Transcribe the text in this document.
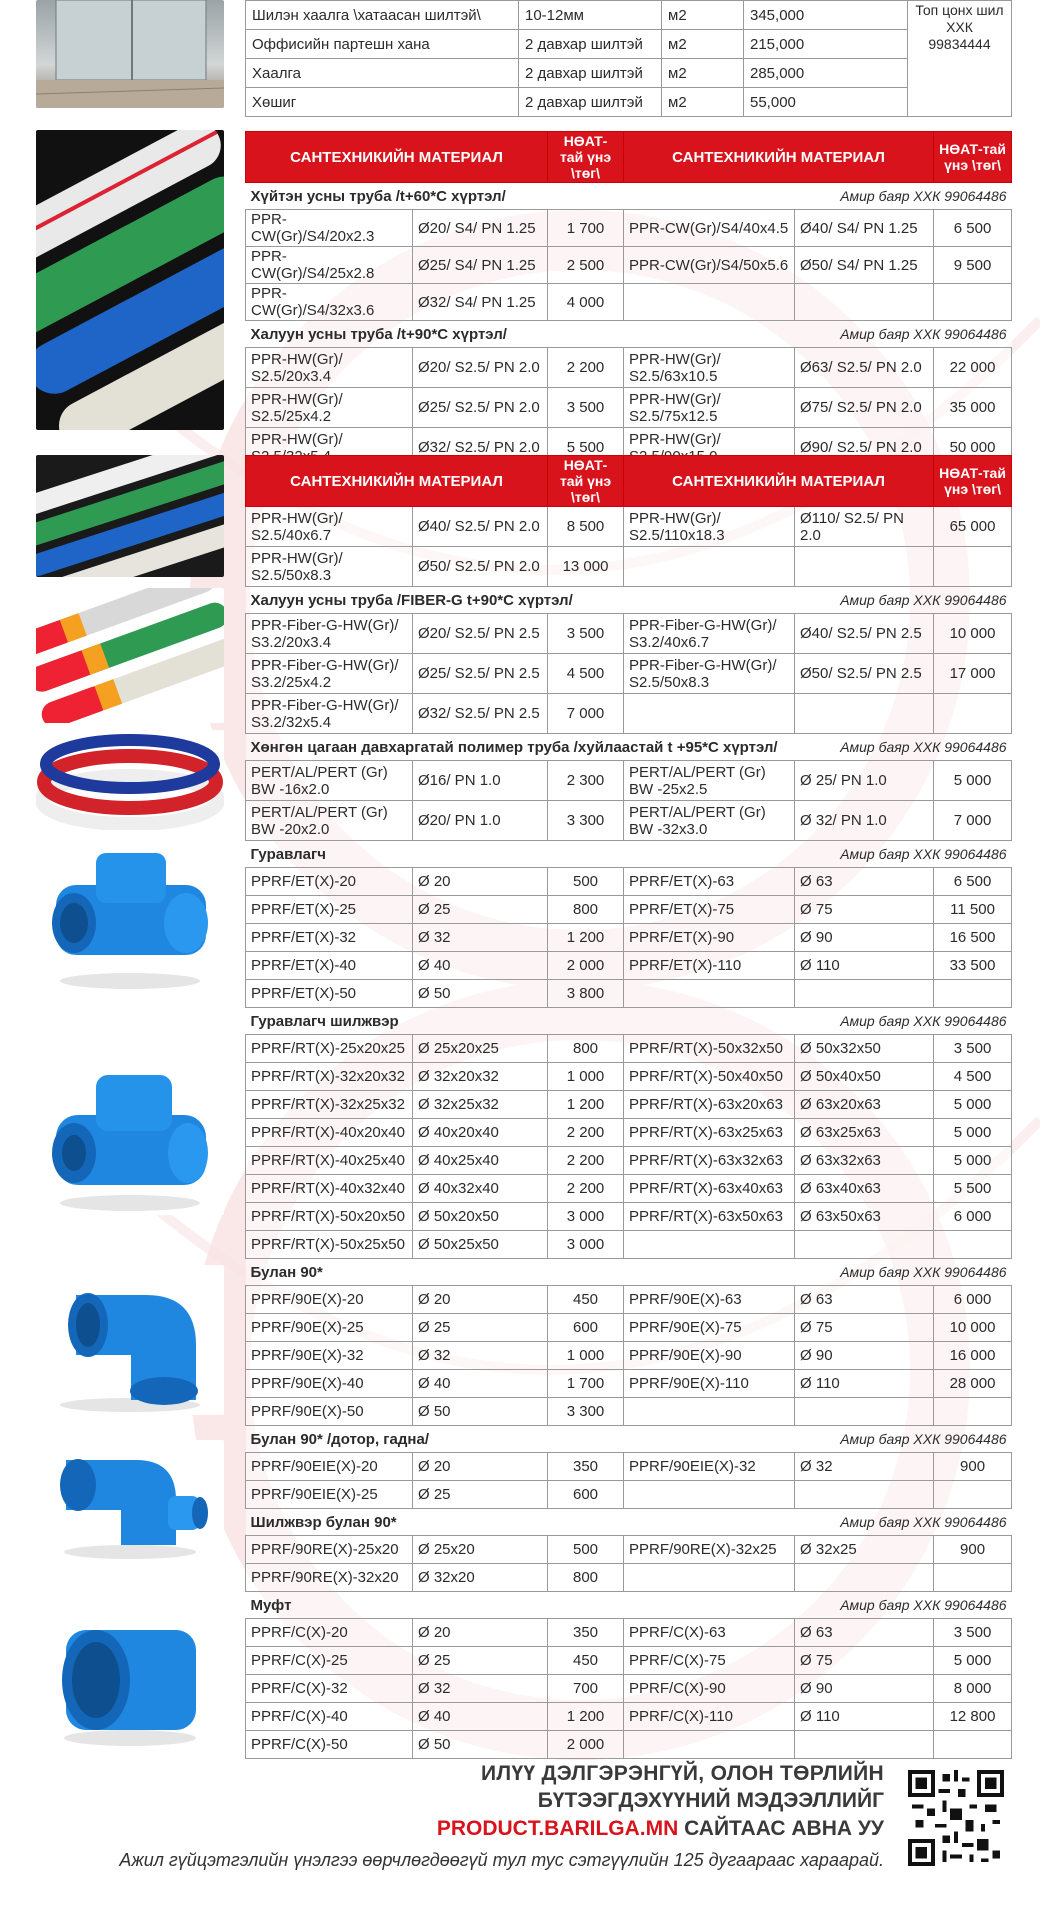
Шилэн хаалга \хатаасан шилтэй\	10-12мм	м2	345,000	Топ цонх шил ХХК 99834444
Оффисийн партешн хана	2 давхар шилтэй	м2	215,000	
Хаалга	2 давхар шилтэй	м2	285,000	
Хөшиг	2 давхар шилтэй	м2	55,000	
САНТЕХНИКИЙН МАТЕРИАЛ		НӨАТ-тай үнэ \төг\	САНТЕХНИКИЙН МАТЕРИАЛ		НӨАТ-тай үнэ \төг\

Амир баяр ХХК 99064486
Хүйтэн усны труба /t+60*С хүртэл/					
PPR-CW(Gr)/S4/20x2.3	Ø20/ S4/ PN 1.25	1 700	PPR-CW(Gr)/S4/40x4.5	Ø40/ S4/ PN 1.25	6 500
PPR-CW(Gr)/S4/25x2.8	Ø25/ S4/ PN 1.25	2 500	PPR-CW(Gr)/S4/50x5.6	Ø50/ S4/ PN 1.25	9 500
PPR-CW(Gr)/S4/32x3.6	Ø32/ S4/ PN 1.25	4 000			

Амир баяр ХХК 99064486
Халуун усны труба /t+90*С хүртэл/					
PPR-HW(Gr)/ S2.5/20x3.4	Ø20/ S2.5/ PN 2.0	2 200	PPR-HW(Gr)/ S2.5/63x10.5	Ø63/ S2.5/ PN 2.0	22 000
PPR-HW(Gr)/ S2.5/25x4.2	Ø25/ S2.5/ PN 2.0	3 500	PPR-HW(Gr)/ S2.5/75x12.5	Ø75/ S2.5/ PN 2.0	35 000
PPR-HW(Gr)/	Ø32/ S2.5/ PN 2.0	5 500	PPR-HW(Gr)/	Ø90/ S2.5/ PN 2.0	50 000
САНТЕХНИКИЙН МАТЕРИАЛ		НӨАТ-тай үнэ \төг\	САНТЕХНИКИЙН МАТЕРИАЛ		НӨАТ-тай үнэ \төг\
PPR-HW(Gr)/ S2.5/40x6.7	Ø40/ S2.5/ PN 2.0	8 500	PPR-HW(Gr)/ S2.5/110x18.3	Ø110/ S2.5/ PN 2.0	65 000
PPR-HW(Gr)/ S2.5/50x8.3	Ø50/ S2.5/ PN 2.0	13 000			

Амир баяр ХХК 99064486
Халуун усны труба /FIBER-G t+90*С хүртэл/					
PPR-Fiber-G-HW(Gr)/ S3.2/20x3.4	Ø20/ S2.5/ PN 2.5	3 500	PPR-Fiber-G-HW(Gr)/ S3.2/40x6.7	Ø40/ S2.5/ PN 2.5	10 000
PPR-Fiber-G-HW(Gr)/ S3.2/25x4.2	Ø25/ S2.5/ PN 2.5	4 500	PPR-Fiber-G-HW(Gr)/ S2.5/50x8.3	Ø50/ S2.5/ PN 2.5	17 000
PPR-Fiber-G-HW(Gr)/ S3.2/32x5.4	Ø32/ S2.5/ PN 2.5	7 000			

Амир баяр ХХК 99064486
Хөнгөн цагаан давхаргатай полимер труба /хуйлаастай t +95*С хүртэл/					
PERT/AL/PERT (Gr) BW -16x2.0	Ø16/ PN 1.0	2 300	PERT/AL/PERT (Gr) BW -25x2.5	Ø 25/ PN 1.0	5 000
PERT/AL/PERT (Gr) BW -20x2.0	Ø20/ PN 1.0	3 300	PERT/AL/PERT (Gr) BW -32x3.0	Ø 32/ PN 1.0	7 000

Амир баяр ХХК 99064486
Гуравлагч					
PPRF/ET(X)-20	Ø 20	500	PPRF/ET(X)-63	Ø 63	6 500
PPRF/ET(X)-25	Ø 25	800	PPRF/ET(X)-75	Ø 75	11 500
PPRF/ET(X)-32	Ø 32	1 200	PPRF/ET(X)-90	Ø 90	16 500
PPRF/ET(X)-40	Ø 40	2 000	PPRF/ET(X)-110	Ø 110	33 500
PPRF/ET(X)-50	Ø 50	3 800			

Амир баяр ХХК 99064486
Гуравлагч шилжвэр					
PPRF/RT(X)-25x20x25	Ø 25x20x25	800	PPRF/RT(X)-50x32x50	Ø 50x32x50	3 500
PPRF/RT(X)-32x20x32	Ø 32x20x32	1 000	PPRF/RT(X)-50x40x50	Ø 50x40x50	4 500
PPRF/RT(X)-32x25x32	Ø 32x25x32	1 200	PPRF/RT(X)-63x20x63	Ø 63x20x63	5 000
PPRF/RT(X)-40x20x40	Ø 40x20x40	2 200	PPRF/RT(X)-63x25x63	Ø 63x25x63	5 000
PPRF/RT(X)-40x25x40	Ø 40x25x40	2 200	PPRF/RT(X)-63x32x63	Ø 63x32x63	5 000
PPRF/RT(X)-40x32x40	Ø 40x32x40	2 200	PPRF/RT(X)-63x40x63	Ø 63x40x63	5 500
PPRF/RT(X)-50x20x50	Ø 50x20x50	3 000	PPRF/RT(X)-63x50x63	Ø 63x50x63	6 000
PPRF/RT(X)-50x25x50	Ø 50x25x50	3 000			

Амир баяр ХХК 99064486
Булан 90*					
PPRF/90E(X)-20	Ø 20	450	PPRF/90E(X)-63	Ø 63	6 000
PPRF/90E(X)-25	Ø 25	600	PPRF/90E(X)-75	Ø 75	10 000
PPRF/90E(X)-32	Ø 32	1 000	PPRF/90E(X)-90	Ø 90	16 000
PPRF/90E(X)-40	Ø 40	1 700	PPRF/90E(X)-110	Ø 110	28 000
PPRF/90E(X)-50	Ø 50	3 300			

Амир баяр ХХК 99064486
Булан 90* /дотор, гадна/					
PPRF/90EIE(X)-20	Ø 20	350	PPRF/90EIE(X)-32	Ø 32	900
PPRF/90EIE(X)-25	Ø 25	600			

Амир баяр ХХК 99064486
Шилжвэр булан 90*					
PPRF/90RE(X)-25x20	Ø 25x20	500	PPRF/90RE(X)-32x25	Ø 32x25	900
PPRF/90RE(X)-32x20	Ø 32x20	800			

Амир баяр ХХК 99064486
Муфт					
PPRF/C(X)-20	Ø 20	350	PPRF/C(X)-63	Ø 63	3 500
PPRF/C(X)-25	Ø 25	450	PPRF/C(X)-75	Ø 75	5 000
PPRF/C(X)-32	Ø 32	700	PPRF/C(X)-90	Ø 90	8 000
PPRF/C(X)-40	Ø 40	1 200	PPRF/C(X)-110	Ø 110	12 800
PPRF/C(X)-50	Ø 50	2 000			
ИЛҮҮ ДЭЛГЭРЭНГҮЙ, ОЛОН ТӨРЛИЙН
БҮТЭЭГДЭХҮҮНИЙ МЭДЭЭЛЛИЙГ
PRODUCT.BARILGA.MN САЙТААС АВНА УУ
Ажил гүйцэтгэлийн үнэлгээ өөрчлөгдөөгүй тул тус сэтгүүлийн 125 дугаараас хараарай.
